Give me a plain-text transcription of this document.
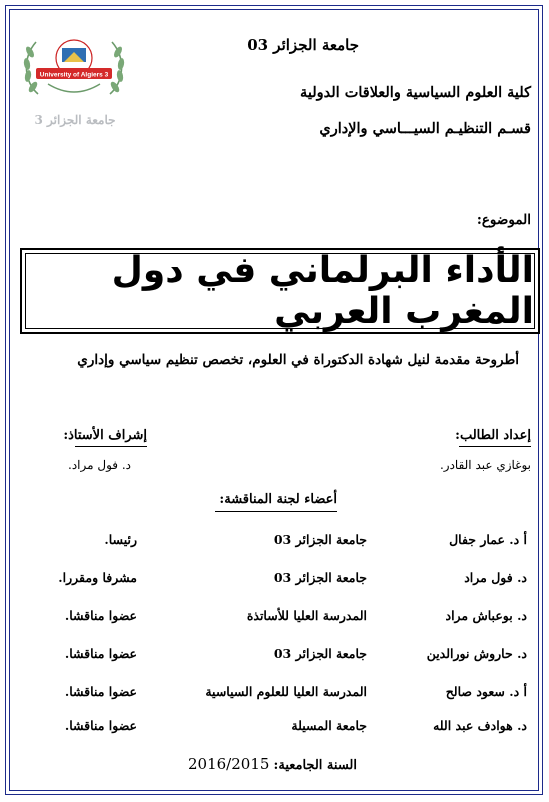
University of Algiers 3
جامعة الجزائر 3
جامعة الجزائر 03
كلية العلوم السياسية والعلاقات الدولية
قسـم التنظيـم السيـــاسي والإداري
الموضوع:
الأداء البرلماني في دول المغرب العربي
أطروحة مقدمة لنيل شهادة الدكتوراة في العلوم، تخصص تنظيم سياسي وإداري
إعداد الطالب:
بوغازي عبد القادر.
إشراف الأستاذ:
د. فول مراد.
أعضاء لجنة المناقشة:
أ د. عمار جفال
جامعة الجزائر 03
رئيسا.
د. فول مراد
جامعة الجزائر 03
مشرفا ومقررا.
د. بوعباش مراد
المدرسة العليا للأساتذة
عضوا مناقشا.
د. حاروش نورالدين
جامعة الجزائر 03
عضوا مناقشا.
أ د. سعود صالح
المدرسة العليا للعلوم السياسية
عضوا مناقشا.
د. هوادف عبد الله
جامعة المسيلة
عضوا مناقشا.
السنة الجامعية: 2016/2015
